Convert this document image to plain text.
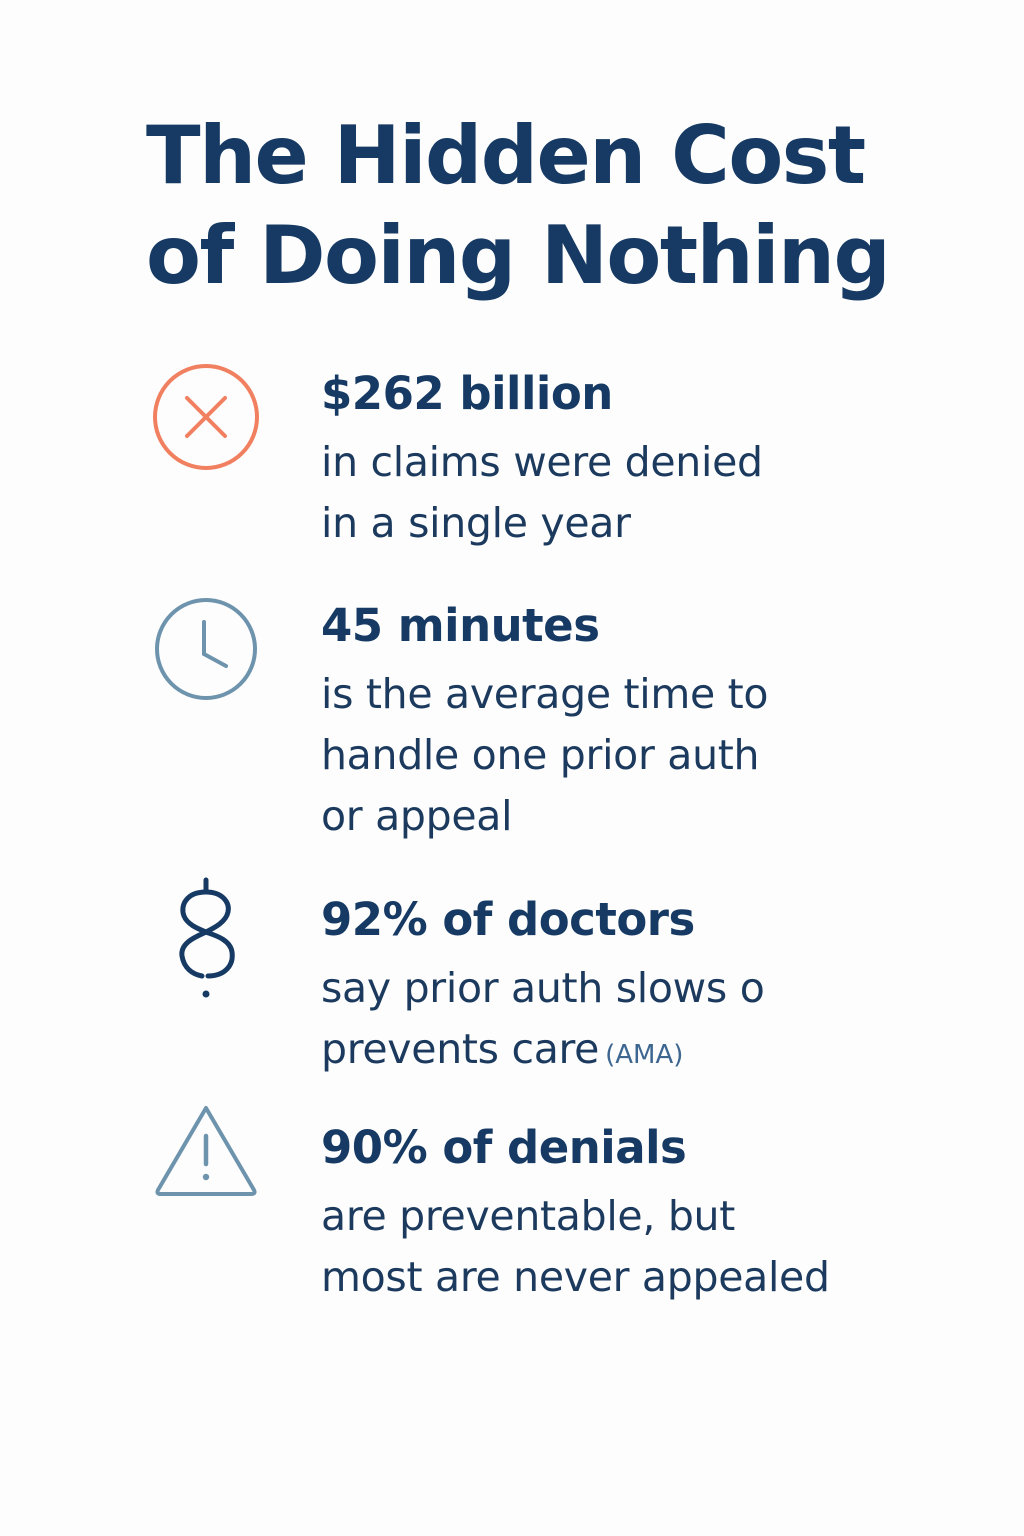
The Hidden Cost
of Doing Nothing
$262 billion
in claims were denied
in a single year
45 minutes
is the average time to
handle one prior auth
or appeal
92% of doctors
say prior auth slows o
prevents care (AMA)
90% of denials
are preventable, but
most are never appealed
